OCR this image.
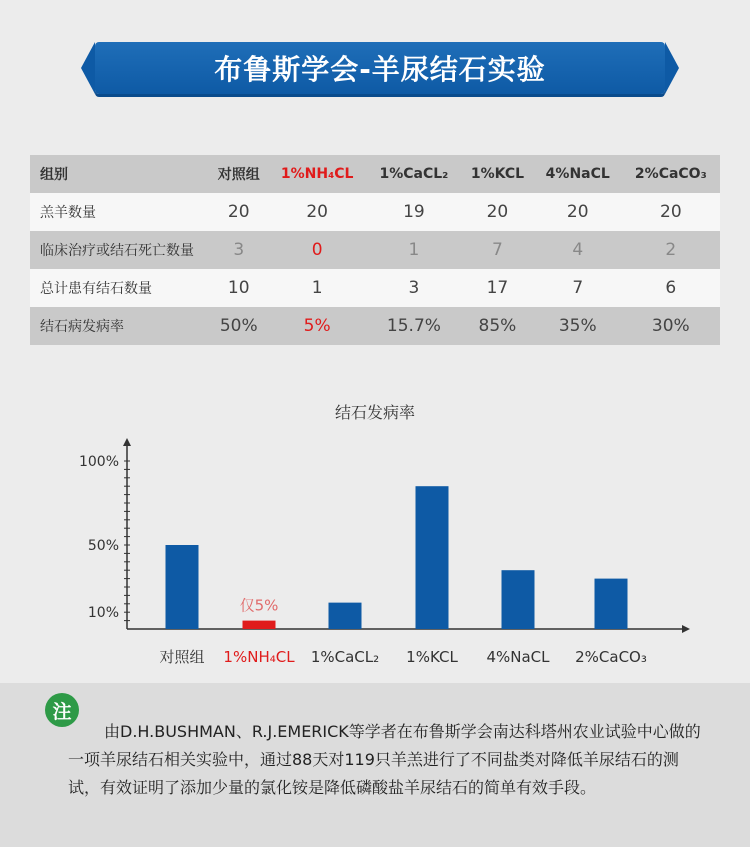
布鲁斯学会-羊尿结石实验
组别	对照组	1%NH₄CL	1%CaCL₂	1%KCL	4%NaCL	2%CaCO₃
羔羊数量	20	20	19	20	20	20
临床治疗或结石死亡数量	3	0	1	7	4	2
总计患有结石数量	10	1	3	17	7	6
结石病发病率	50%	5%	15.7%	85%	35%	30%
结石发病率
100%
50%
10%
对照组 1%NH₄CL 1%CaCL₂ 1%KCL 4%NaCL 2%CaCO₃
仅5%
注
由D.H.BUSHMAN、R.J.EMERICK等学者在布鲁斯学会南达科塔州农业试验中心做的一项羊尿结石相关实验中，通过88天对119只羊羔进行了不同盐类对降低羊尿结石的测试，有效证明了添加少量的氯化铵是降低磷酸盐羊尿结石的简单有效手段。
